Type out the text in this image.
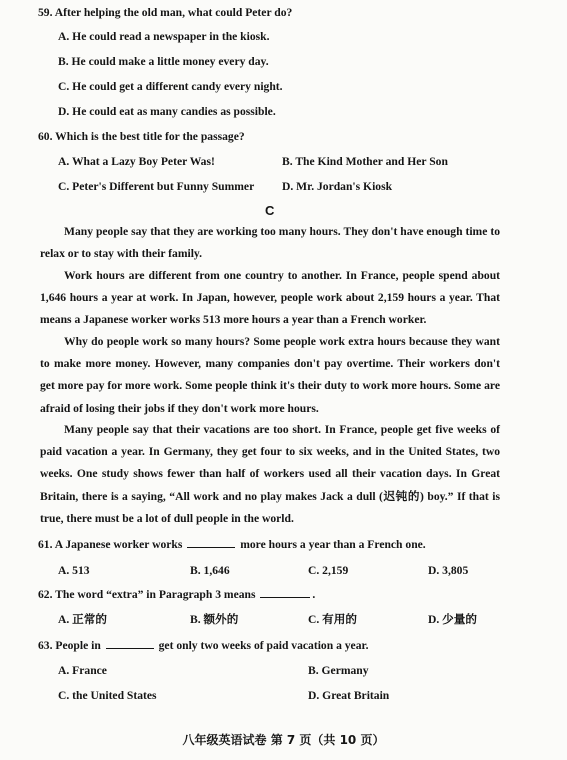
59. After helping the old man, what could Peter do?
A. He could read a newspaper in the kiosk.
B. He could make a little money every day.
C. He could get a different candy every night.
D. He could eat as many candies as possible.
60. Which is the best title for the passage?
A. What a Lazy Boy Peter Was!	B. The Kind Mother and Her Son
C. Peter's Different but Funny Summer D. Mr. Jordan's Kiosk
C
Many people say that they are working too many hours. They don't have enough time to relax or to stay with their family.
Work hours are different from one country to another. In France, people spend about 1,646 hours a year at work. In Japan, however, people work about 2,159 hours a year. That means a Japanese worker works 513 more hours a year than a French worker.
Why do people work so many hours? Some people work extra hours because they want to make more money. However, many companies don't pay overtime. Their workers don't get more pay for more work. Some people think it's their duty to work more hours. Some are afraid of losing their jobs if they don't work more hours.
Many people say that their vacations are too short. In France, people get five weeks of paid vacation a year. In Germany, they get four to six weeks, and in the United States, two weeks. One study shows fewer than half of workers used all their vacation days. In Great Britain, there is a saying, “All work and no play makes Jack a dull (迟钝的) boy.” If that is true, there must be a lot of dull people in the world.
61. A Japanese worker works	more hours a year than a French one.
A. 513	B. 1,646	C. 2,159	D. 3,805
62. The word “extra” in Paragraph 3 means	.
A. 正常的	B. 额外的	C. 有用的	D. 少量的
63. People in	get only two weeks of paid vacation a year.
A. France	B. Germany
C. the United States	D. Great Britain
八年级英语试卷 第 7 页（共 10 页）
